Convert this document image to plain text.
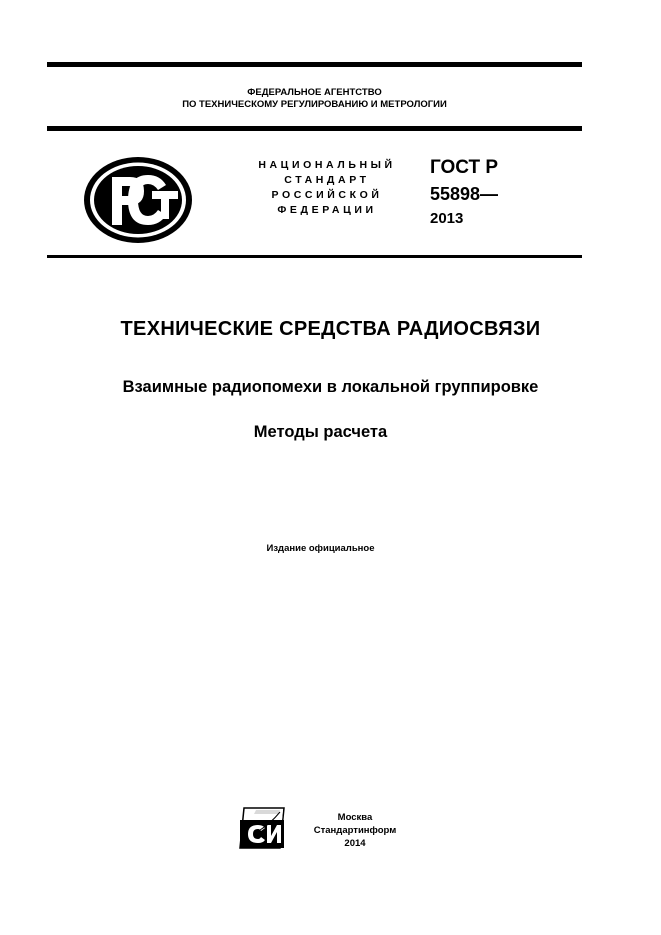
ФЕДЕРАЛЬНОЕ АГЕНТСТВО
ПО ТЕХНИЧЕСКОМУ РЕГУЛИРОВАНИЮ И МЕТРОЛОГИИ
НАЦИОНАЛЬНЫЙ
СТАНДАРТ
РОССИЙСКОЙ
ФЕДЕРАЦИИ
ГОСТ Р
55898—
2013
ТЕХНИЧЕСКИЕ СРЕДСТВА РАДИОСВЯЗИ
Взаимные радиопомехи в локальной группировке
Методы расчета
Издание официальное
Москва
Стандартинформ
2014
